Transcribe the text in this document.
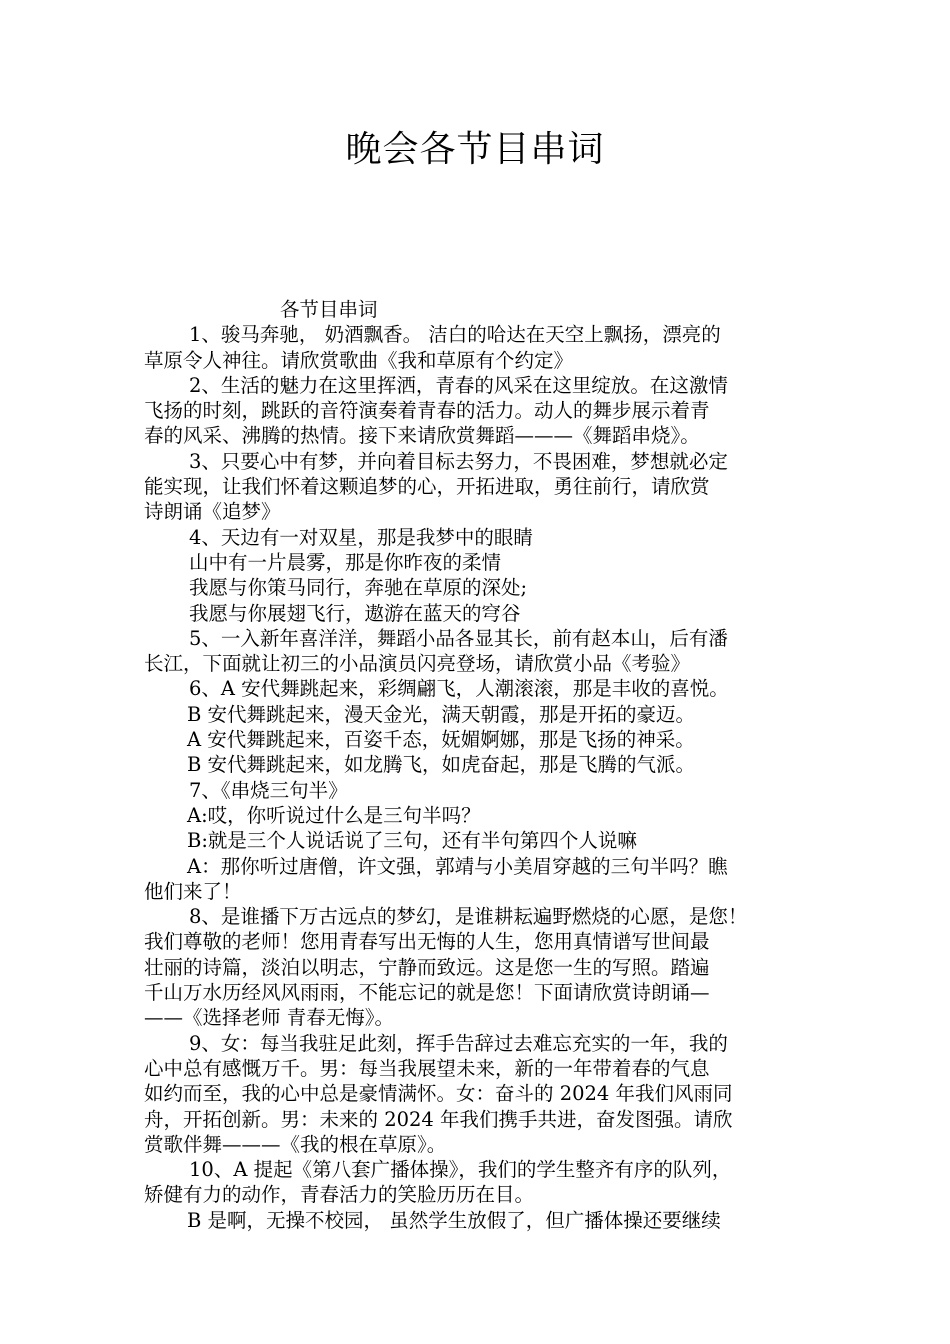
晚会各节目串词

各节目串词

1、骏马奔驰， 奶酒飘香。 洁白的哈达在天空上飘扬，漂亮的

草原令人神往。请欣赏歌曲《我和草原有个约定》

2、生活的魅力在这里挥洒，青春的风采在这里绽放。在这激情

飞扬的时刻，跳跃的音符演奏着青春的活力。动人的舞步展示着青

春的风采、沸腾的热情。接下来请欣赏舞蹈———《舞蹈串烧》。

3、只要心中有梦，并向着目标去努力，不畏困难，梦想就必定

能实现，让我们怀着这颗追梦的心，开拓进取，勇往前行，请欣赏

诗朗诵《追梦》

4、天边有一对双星，那是我梦中的眼睛

山中有一片晨雾，那是你昨夜的柔情

我愿与你策马同行，奔驰在草原的深处;

我愿与你展翅飞行，遨游在蓝天的穹谷

5、一入新年喜洋洋，舞蹈小品各显其长，前有赵本山，后有潘

长江，下面就让初三的小品演员闪亮登场，请欣赏小品《考验》

6、A 安代舞跳起来，彩绸翩飞，人潮滚滚，那是丰收的喜悦。

B 安代舞跳起来，漫天金光，满天朝霞，那是开拓的豪迈。

A 安代舞跳起来，百姿千态，妩媚婀娜，那是飞扬的神采。

B 安代舞跳起来，如龙腾飞，如虎奋起，那是飞腾的气派。

7、《串烧三句半》

A:哎，你听说过什么是三句半吗？

B:就是三个人说话说了三句，还有半句第四个人说嘛

A：那你听过唐僧，许文强，郭靖与小美眉穿越的三句半吗？瞧

他们来了！

8、是谁播下万古远点的梦幻，是谁耕耘遍野燃烧的心愿，是您！

我们尊敬的老师！您用青春写出无悔的人生，您用真情谱写世间最

壮丽的诗篇，淡泊以明志，宁静而致远。这是您一生的写照。踏遍

千山万水历经风风雨雨，不能忘记的就是您！下面请欣赏诗朗诵—

——《选择老师 青春无悔》。

9、女：每当我驻足此刻，挥手告辞过去难忘充实的一年，我的

心中总有感慨万千。男：每当我展望未来，新的一年带着春的气息

如约而至，我的心中总是豪情满怀。女：奋斗的 2024 年我们风雨同

舟，开拓创新。男：未来的 2024 年我们携手共进，奋发图强。请欣

赏歌伴舞———《我的根在草原》。

10、A 提起《第八套广播体操》，我们的学生整齐有序的队列，

矫健有力的动作，青春活力的笑脸历历在目。

B 是啊，无操不校园， 虽然学生放假了，但广播体操还要继续
